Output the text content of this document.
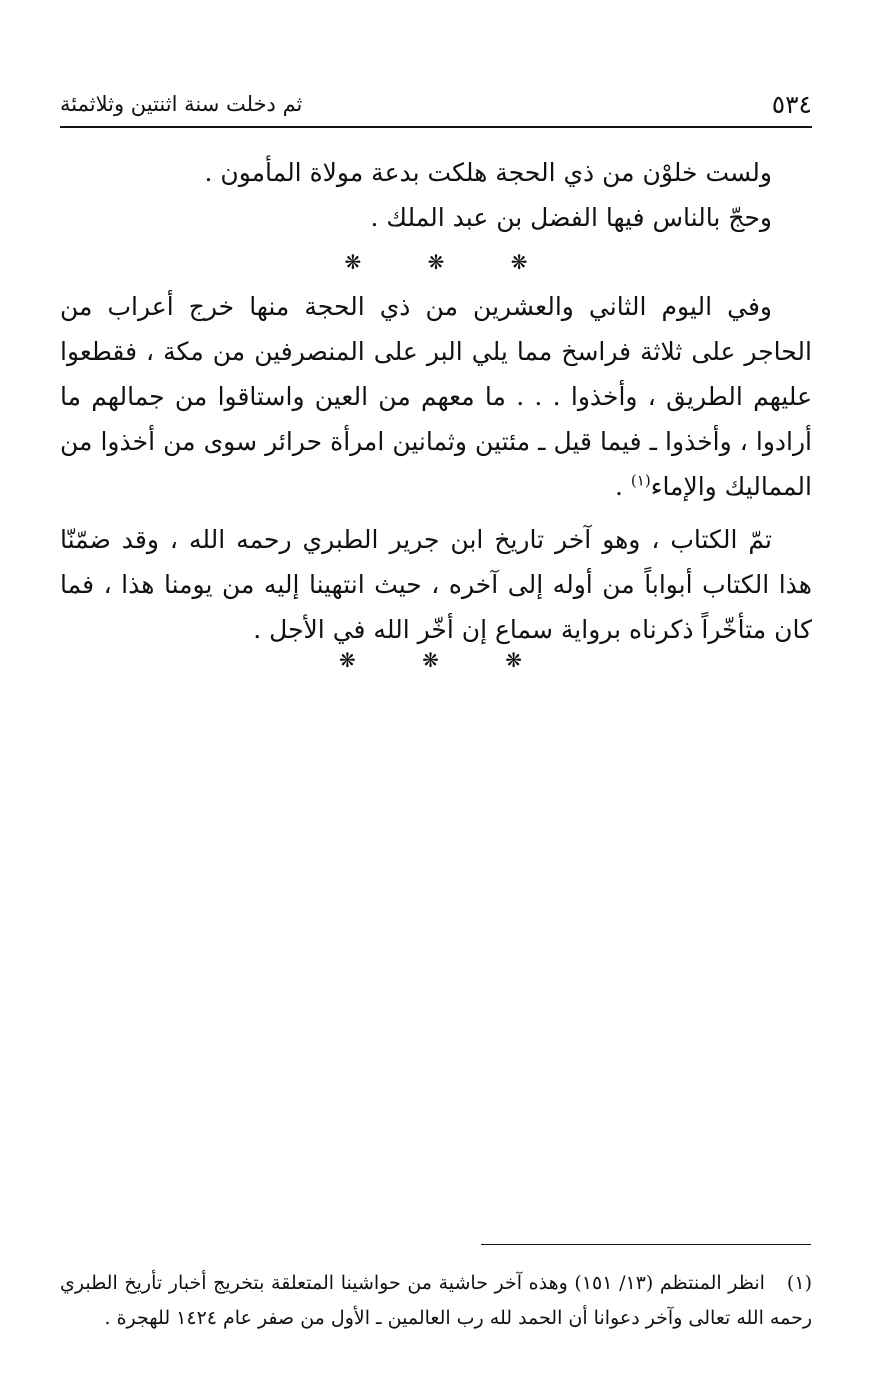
٥٣٤
ثم دخلت سنة اثنتين وثلاثمئة

ولست خلوْن من ذي الحجة هلكت بدعة مولاة المأمون .

وحجّ بالناس فيها الفضل بن عبد الملك .

❋ ❋ ❋

وفي اليوم الثاني والعشرين من ذي الحجة منها خرج أعراب من الحاجر على ثلاثة فراسخ مما يلي البر على المنصرفين من مكة ، فقطعوا عليهم الطريق ، وأخذوا . . . ما معهم من العين واستاقوا من جمالهم ما أرادوا ، وأخذوا ـ فيما قيل ـ مئتين وثمانين امرأة حرائر سوى من أخذوا من المماليك والإماء$^{(١)}$ .

تمّ الكتاب ، وهو آخر تاريخ ابن جرير الطبري رحمه الله ، وقد ضمّنّا هذا الكتاب أبواباً من أوله إلى آخره ، حيث انتهينا إليه من يومنا هذا ، فما كان متأخّراً ذكرناه برواية سماع إن أخّر الله في الأجل .

❋ ❋ ❋
(١)انظر المنتظم (١٣/ ١٥١) وهذه آخر حاشية من حواشينا المتعلقة بتخريج أخبار تأريخ الطبري رحمه الله تعالى وآخر دعوانا أن الحمد لله رب العالمين ـ الأول من صفر عام ١٤٢٤ للهجرة .
